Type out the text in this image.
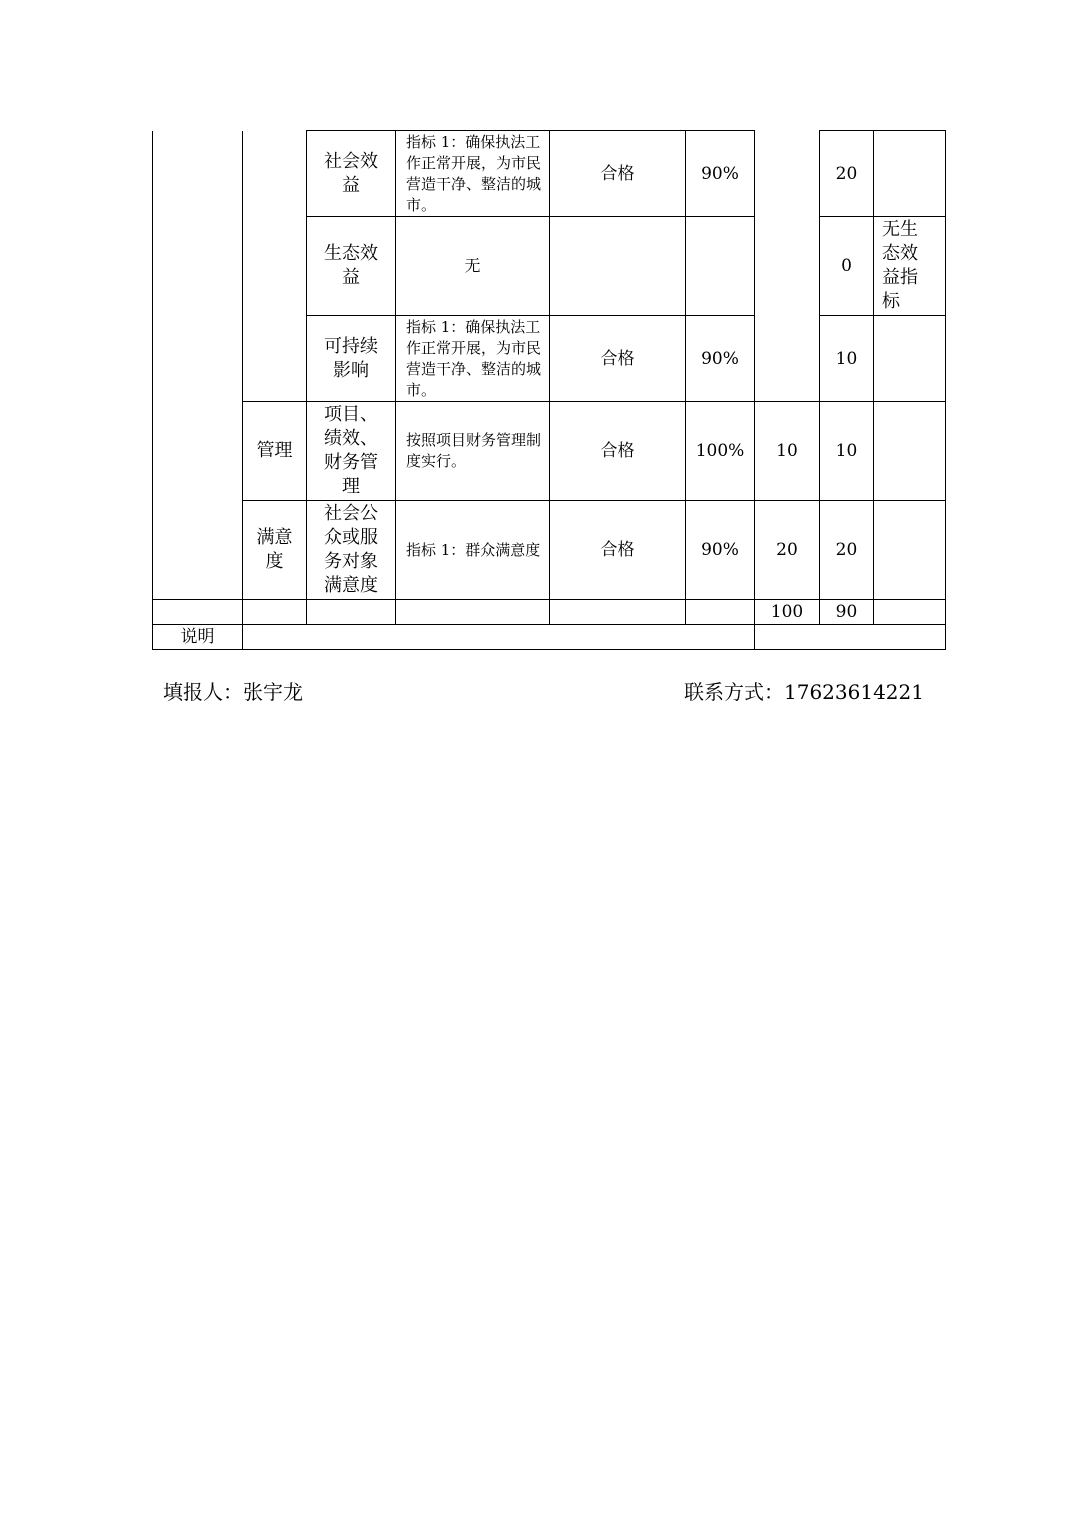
		社会效益	指标 1：确保执法工作正常开展，为市民营造干净、整洁的城市。	合格	90%		20	
		生态效益	无				0	无生态效益指标
		可持续影响	指标 1：确保执法工作正常开展，为市民营造干净、整洁的城市。	合格	90%		10	
	管理	项目、绩效、财务管理	按照项目财务管理制度实行。	合格	100%	10	10	
	满意度	社会公众或服务对象满意度	指标 1：群众满意度	合格	90%	20	20	
						100	90	
说明								
填报人：张宇龙	联系方式：17623614221
